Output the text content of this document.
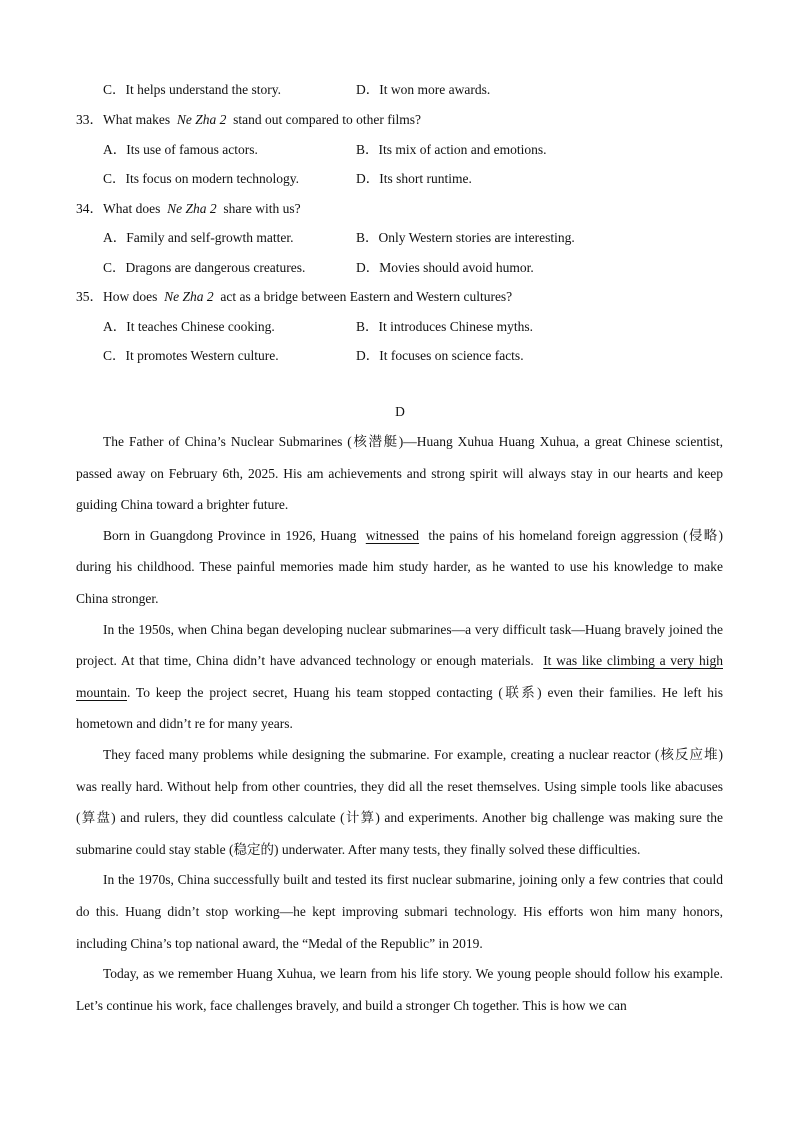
C．It helps understand the story.	D．It won more awards.
33．What makes Ne Zha 2 stand out compared to other films?
A．Its use of famous actors.	B．Its mix of action and emotions.
C．Its focus on modern technology.	D．Its short runtime.
34．What does Ne Zha 2 share with us?
A．Family and self-growth matter.	B．Only Western stories are interesting.
C．Dragons are dangerous creatures.	D．Movies should avoid humor.
35．How does Ne Zha 2 act as a bridge between Eastern and Western cultures?
A．It teaches Chinese cooking.	B．It introduces Chinese myths.
C．It promotes Western culture.	D．It focuses on science facts.
D

The Father of China’s Nuclear Submarines (核潜艇)—Huang Xuhua Huang Xuhua, a great Chinese scientist, passed away on February 6th, 2025. His am achievements and strong spirit will always stay in our hearts and keep guiding China toward a brighter future.

Born in Guangdong Province in 1926, Huang witnessed the pains of his homeland foreign aggression (侵略) during his childhood. These painful memories made him study harder, as he wanted to use his knowledge to make China stronger.

In the 1950s, when China began developing nuclear submarines—a very difficult task—Huang bravely joined the project. At that time, China didn’t have advanced technology or enough materials. It was like climbing a very high mountain. To keep the project secret, Huang his team stopped contacting (联系) even their families. He left his hometown and didn’t re for many years.

They faced many problems while designing the submarine. For example, creating a nuclear reactor (核反应堆) was really hard. Without help from other countries, they did all the reset themselves. Using simple tools like abacuses (算盘) and rulers, they did countless calculate (计算) and experiments. Another big challenge was making sure the submarine could stay stable (稳定的) underwater. After many tests, they finally solved these difficulties.

In the 1970s, China successfully built and tested its first nuclear submarine, joining only a few contries that could do this. Huang didn’t stop working—he kept improving submari technology. His efforts won him many honors, including China’s top national award, the “Medal of the Republic” in 2019.

Today, as we remember Huang Xuhua, we learn from his life story. We young people should follow his example. Let’s continue his work, face challenges bravely, and build a stronger Ch together. This is how we can
